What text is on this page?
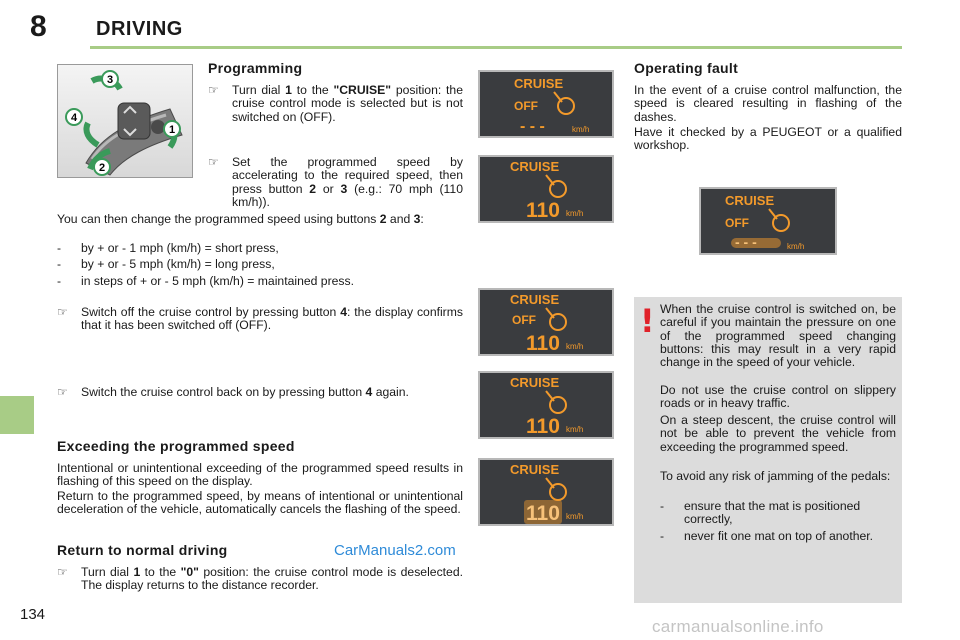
8 DRIVING
3
4
1
2
Programming
☞ Turn dial 1 to the "CRUISE" position: the cruise control mode is selected but is not switched on (OFF).
☞ Set the programmed speed by accelerating to the required speed, then press button 2 or 3 (e.g.: 70 mph (110 km/h)).
You can then change the programmed speed using buttons 2 and 3:
- by + or - 1 mph (km/h) = short press,
- by + or - 5 mph (km/h) = long press,
- in steps of + or - 5 mph (km/h) = maintained press.
☞ Switch off the cruise control by pressing button 4: the display confirms that it has been switched off (OFF).
☞ Switch the cruise control back on by pressing button 4 again.
Exceeding the programmed speed
Intentional or unintentional exceeding of the programmed speed results in flashing of this speed on the display.
Return to the programmed speed, by means of intentional or unintentional deceleration of the vehicle, automatically cancels the flashing of the speed.
Return to normal driving
☞ Turn dial 1 to the "0" position: the cruise control mode is deselected. The display returns to the distance recorder.
CarManuals2.com
CRUISE
OFF
- - -	km/h
CRUISE
110 km/h
CRUISE
OFF
110 km/h
CRUISE
110 km/h
CRUISE
110 km/h
Operating fault
In the event of a cruise control malfunction, the speed is cleared resulting in flashing of the dashes.
Have it checked by a PEUGEOT or a qualified workshop.
CRUISE
OFF
- - -	km/h
! When the cruise control is switched on, be careful if you maintain the pressure on one of the programmed speed changing buttons: this may result in a very rapid change in the speed of your vehicle.
Do not use the cruise control on slippery roads or in heavy traffic.
On a steep descent, the cruise control will not be able to prevent the vehicle from exceeding the programmed speed.
To avoid any risk of jamming of the pedals:
- ensure that the mat is positioned correctly,
- never fit one mat on top of another.
134
carmanualsonline.info
